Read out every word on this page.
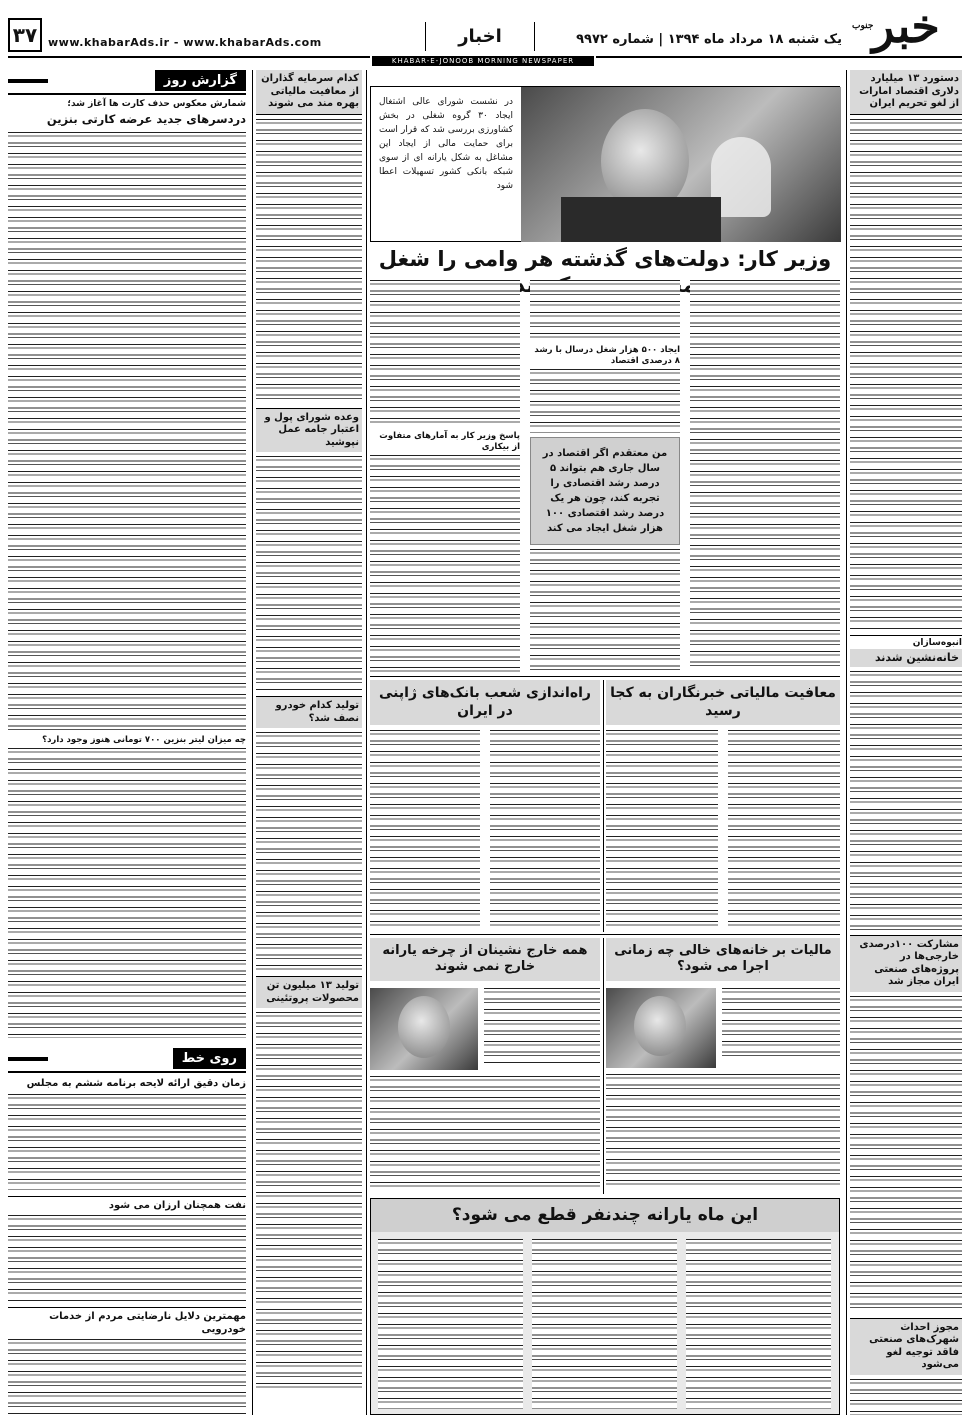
خبر
جنوب
یک شنبه ۱۸ مرداد ماه ۱۳۹۴ | شماره ۹۹۷۲
اخبار
www.khabarAds.ir - www.khabarAds.com
۳۷
KHABAR-E-JONOOB MORNING NEWSPAPER
دستورد ۱۳ میلیارد دلاری اقتصاد امارات از لغو تحریم ایران
انبوه‌سازان
خانه‌نشین شدند
مشارکت ۱۰۰درصدی خارجی‌ها در پروژه‌های صنعتی ایران مجاز شد
مجوز احداث شهرک‌های صنعتی فاقد توجیه لغو می‌شود
در نشست شورای عالی اشتغال ایجاد ۳۰ گروه شغلی در بخش کشاورزی بررسی شد که قرار است برای حمایت مالی از ایجاد این مشاغل به شکل یارانه ای از سوی شبکه بانکی کشور تسهیلات اعطا شود
وزیر کار: دولت‌های گذشته هر وامی را شغل
ایجاد ۵۰۰ هزار شغل درسال با رشد ۸ درصدی اقتصاد
من معتقدم اگر اقتصاد در سال جاری هم بتواند ۵ درصد رشد اقتصادی را تجربه کند، چون هر یک درصد رشد اقتصادی ۱۰۰ هزار شغل ایجاد می کند
پاسخ وزیر کار به آمارهای متفاوت از بیکاری
کدام سرمایه گذاران از معافیت مالیاتی بهره مند می شوند
وعده شورای پول و اعتبار جامه عمل نپوشید
تولید کدام خودرو نصف شد؟
تولید ۱۳ میلیون تن محصولات پروتئینی
معافیت مالیاتی خبرنگاران به کجا رسید
راه‌اندازی شعب بانک‌های ژاپنی در ایران
مالیات بر خانه‌های خالی چه زمانی اجرا می شود؟
همه خارج نشینان از چرخه یارانه خارج نمی شوند
این ماه یارانه چندنفر قطع می شود؟
گزارش روز
شمارش معکوس حذف کارت ها آغاز شد؛
دردسرهای جدید عرضه کارتی بنزین
چه میزان لیتر بنزین ۷۰۰ تومانی هنوز وجود دارد؟
روی خط
زمان دقیق ارائه لایحه برنامه ششم به مجلس
نفت همچنان ارزان می شود
مهمترین دلایل نارضایتی مردم از خدمات خودرویی
